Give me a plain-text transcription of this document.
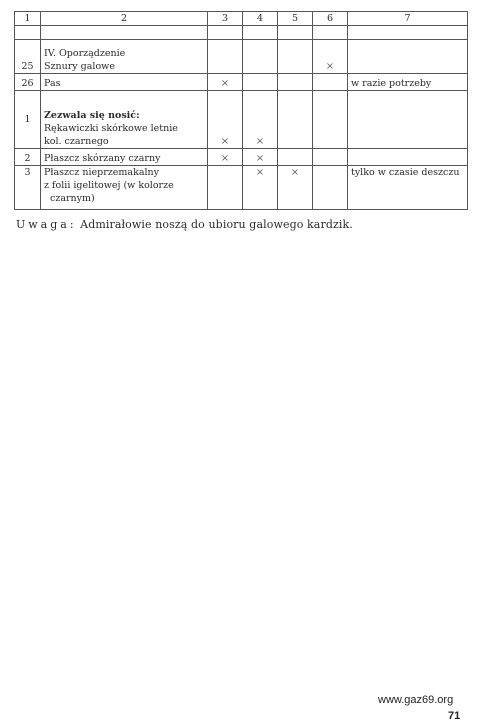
1	2	3	4	5	6	7

25	IV. Oporządzenie
Sznury galowe				×	
26	Pas	×				w razie potrzeby
1	Zezwala się nosić:
Rękawiczki skórkowe letnie
kol. czarnego	×	×			
2	Płaszcz skórzany czarny	×	×			
3	Płaszcz nieprzemakalny
z folii igelitowej (w kolorze
czarnym)		×	×		tylko w czasie deszczu
Uwaga: Admirałowie noszą do ubioru galowego kardzik.
www.gaz69.org
71
